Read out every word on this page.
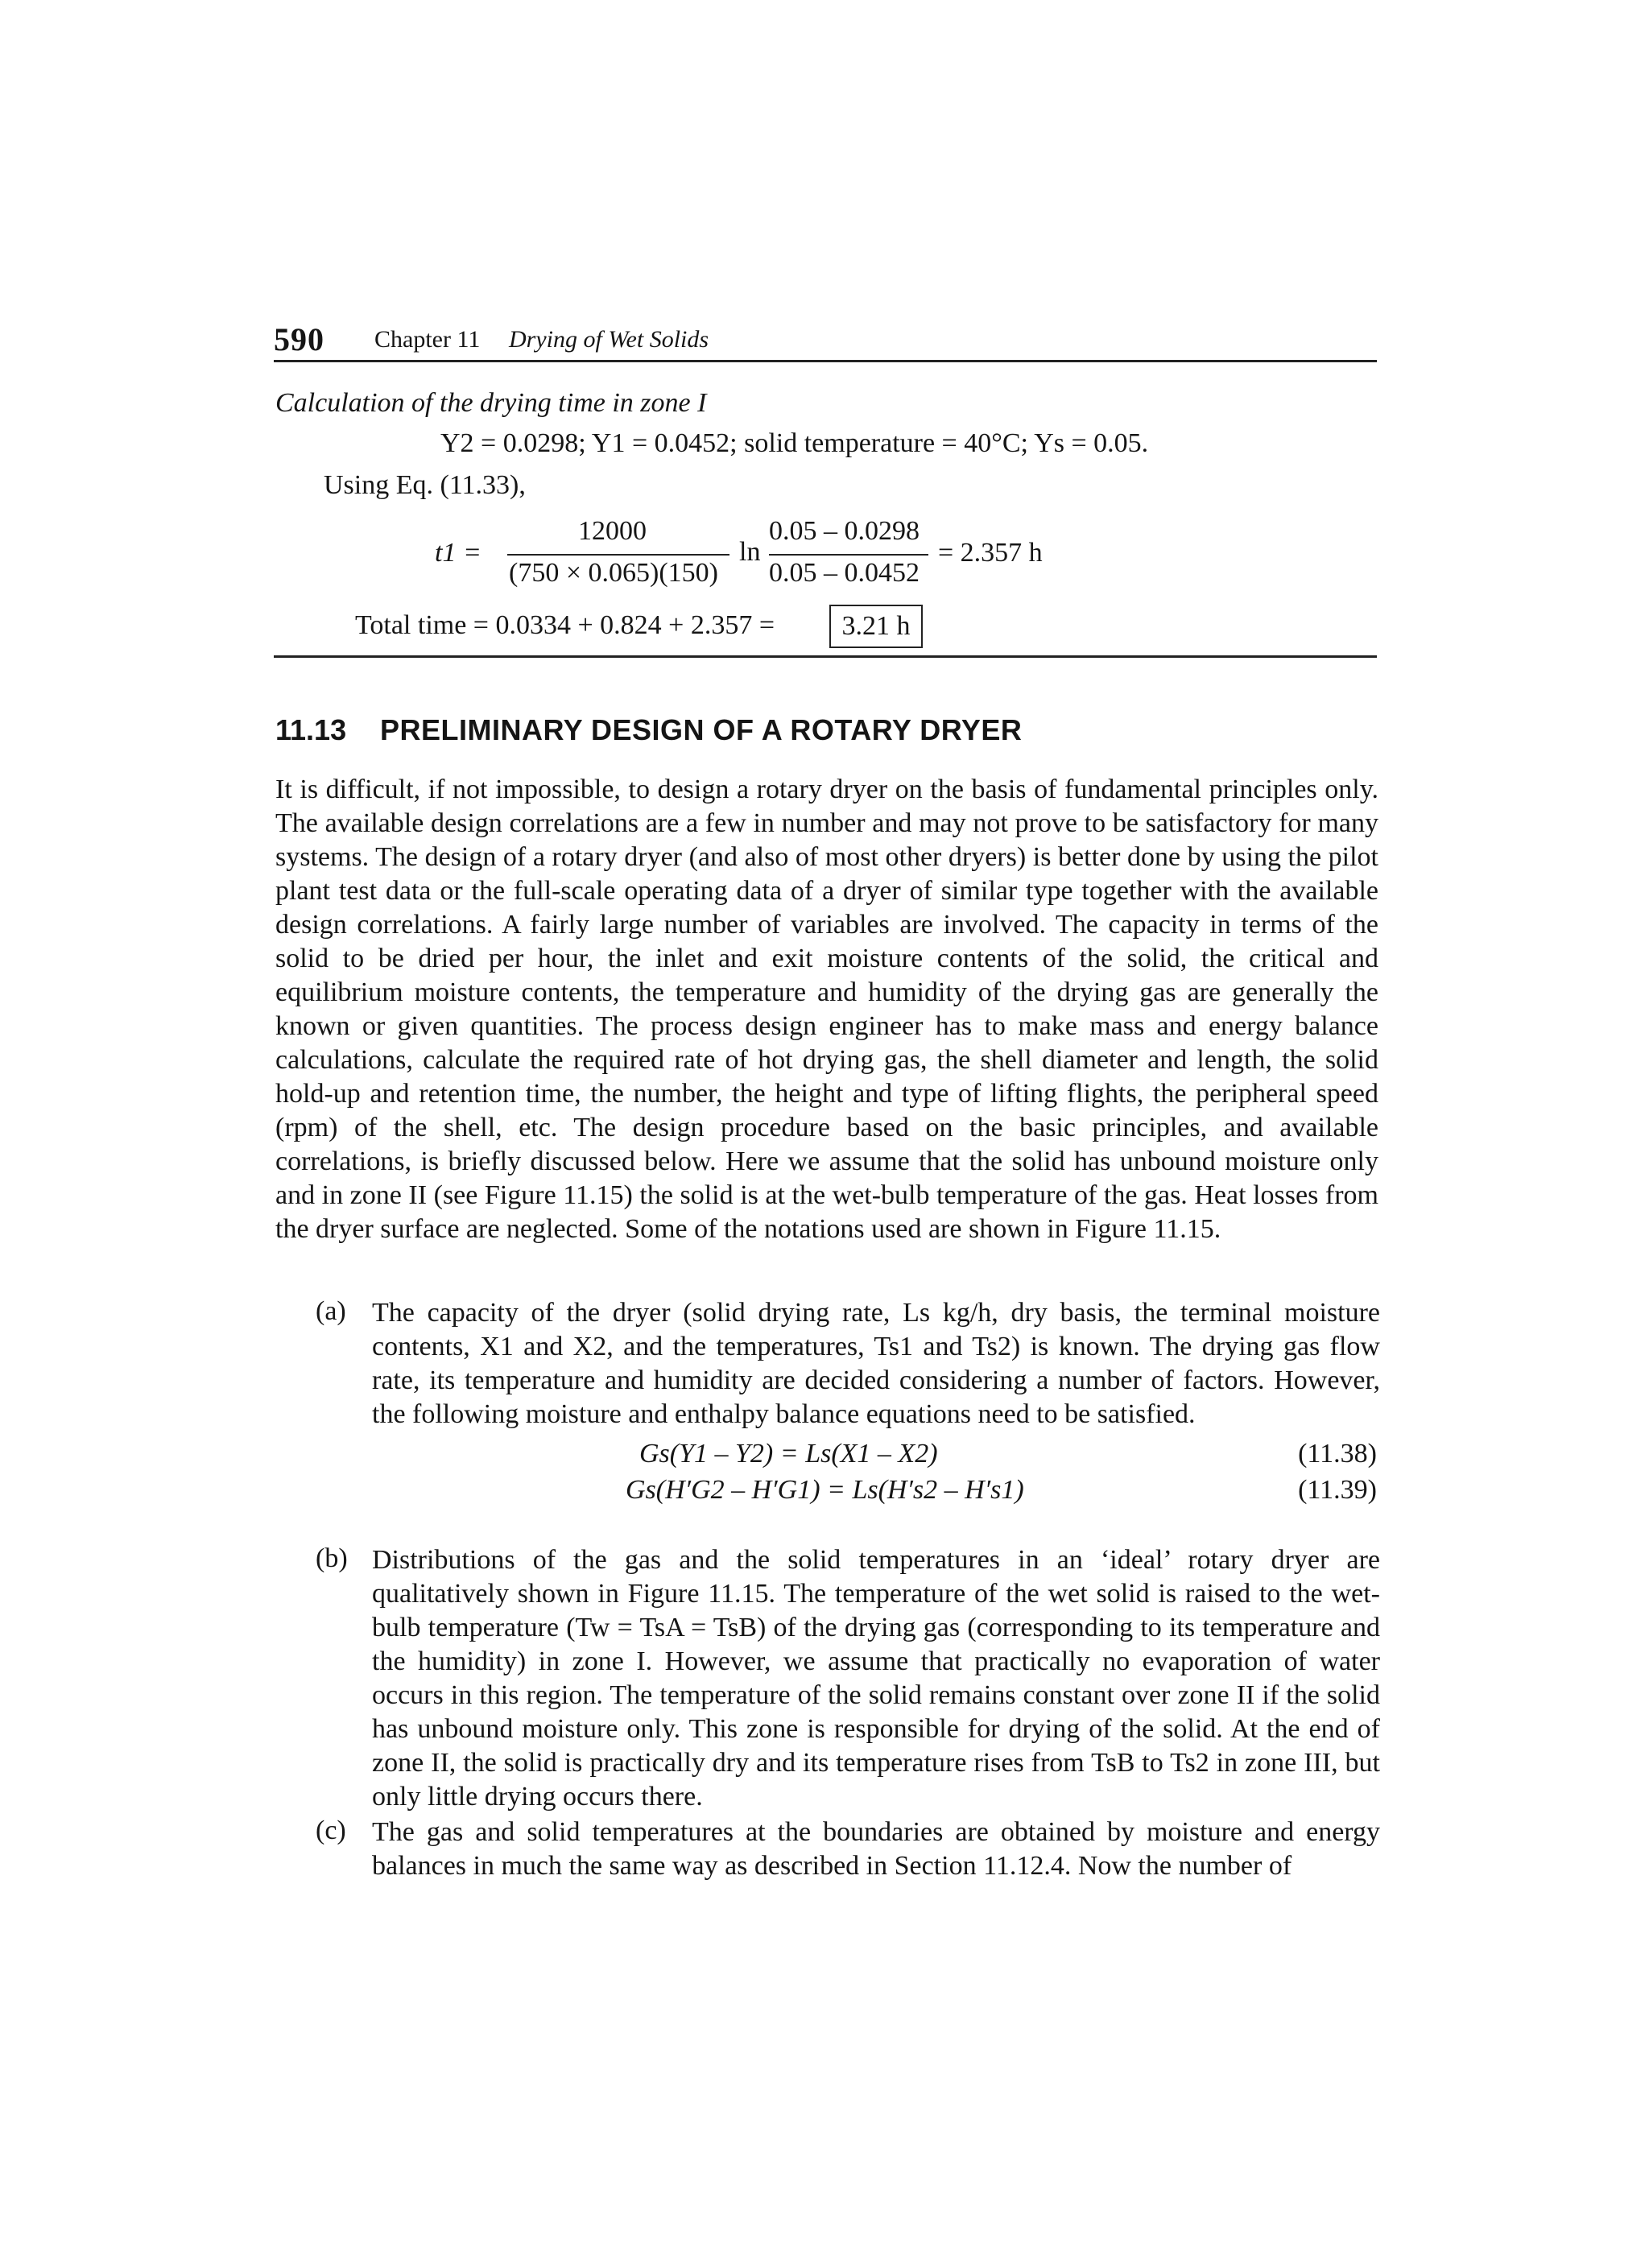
590 Chapter 11 Drying of Wet Solids
Calculation of the drying time in zone I
Y2 = 0.0298; Y1 = 0.0452; solid temperature = 40°C; Ys = 0.05.
Using Eq. (11.33),
t1 =
12000
(750 × 0.065)(150)
ln
0.05 – 0.0298
0.05 – 0.0452
= 2.357 h
Total time = 0.0334 + 0.824 + 2.357 =	3.21 h
11.13 PRELIMINARY DESIGN OF A ROTARY DRYER

It is difficult, if not impossible, to design a rotary dryer on the basis of fundamental principles only. The available design correlations are a few in number and may not prove to be satisfactory for many systems. The design of a rotary dryer (and also of most other dryers) is better done by using the pilot plant test data or the full-scale operating data of a dryer of similar type together with the available design correlations. A fairly large number of variables are involved. The capacity in terms of the solid to be dried per hour, the inlet and exit moisture contents of the solid, the critical and equilibrium moisture contents, the temperature and humidity of the drying gas are generally the known or given quantities. The process design engineer has to make mass and energy balance calculations, calculate the required rate of hot drying gas, the shell diameter and length, the solid hold-up and retention time, the number, the height and type of lifting flights, the peripheral speed (rpm) of the shell, etc. The design procedure based on the basic principles, and available correlations, is briefly discussed below. Here we assume that the solid has unbound moisture only and in zone II (see Figure 11.15) the solid is at the wet-bulb temperature of the gas. Heat losses from the dryer surface are neglected. Some of the notations used are shown in Figure 11.15.

(a) The capacity of the dryer (solid drying rate, Ls kg/h, dry basis, the terminal moisture contents, X1 and X2, and the temperatures, Ts1 and Ts2) is known. The drying gas flow rate, its temperature and humidity are decided considering a number of factors. However, the following moisture and enthalpy balance equations need to be satisfied.

Gs(Y1 – Y2) = Ls(X1 – X2)	(11.38)
Gs(H′G2 – H′G1) = Ls(H′s2 – H′s1)	(11.39)
(b) Distributions of the gas and the solid temperatures in an ‘ideal’ rotary dryer are qualitatively shown in Figure 11.15. The temperature of the wet solid is raised to the wet-bulb temperature (Tw = TsA = TsB) of the drying gas (corresponding to its temperature and the humidity) in zone I. However, we assume that practically no evaporation of water occurs in this region. The temperature of the solid remains constant over zone II if the solid has unbound moisture only. This zone is responsible for drying of the solid. At the end of zone II, the solid is practically dry and its temperature rises from TsB to Ts2 in zone III, but only little drying occurs there.

(c) The gas and solid temperatures at the boundaries are obtained by moisture and energy balances in much the same way as described in Section 11.12.4. Now the number of
